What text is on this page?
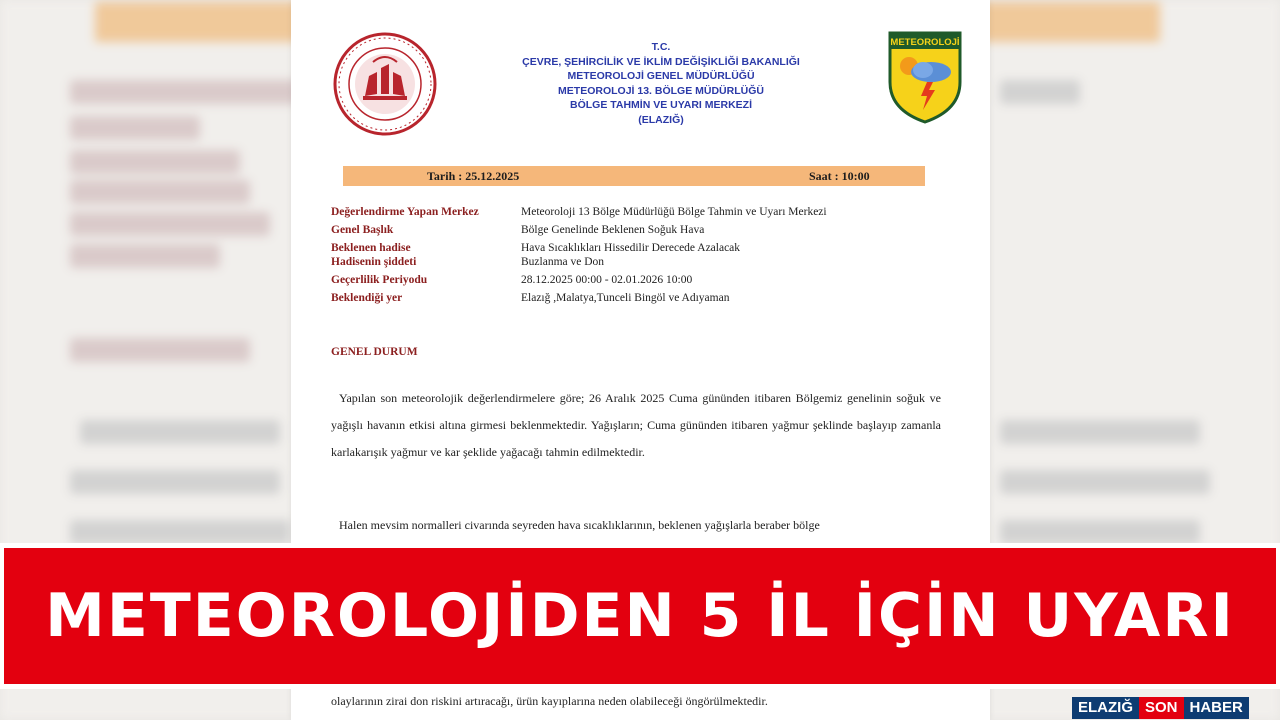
T.C.
ÇEVRE, ŞEHİRCİLİK VE İKLİM DEĞİŞİKLİĞİ BAKANLIĞI
METEOROLOJİ GENEL MÜDÜRLÜĞÜ
METEOROLOJİ 13. BÖLGE MÜDÜRLÜĞÜ
BÖLGE TAHMİN VE UYARI MERKEZİ
(ELAZIĞ)
METEOROLOJİ
Tarih : 25.12.2025	Saat : 10:00
Değerlendirme Yapan Merkez	Meteoroloji 13 Bölge Müdürlüğü Bölge Tahmin ve Uyarı Merkezi
Genel Başlık	Bölge Genelinde Beklenen Soğuk Hava
Beklenen hadise	Hava Sıcaklıkları Hissedilir Derecede Azalacak
Hadisenin şiddeti	Buzlanma ve Don
Geçerlilik Periyodu	28.12.2025 00:00 - 02.01.2026 10:00
Beklendiği yer	Elazığ ,Malatya,Tunceli Bingöl ve Adıyaman
GENEL DURUM

Yapılan son meteorolojik değerlendirmelere göre; 26 Aralık 2025 Cuma gününden itibaren Bölgemiz genelinin soğuk ve yağışlı havanın etkisi altına girmesi beklenmektedir. Yağışların; Cuma gününden itibaren yağmur şeklinde başlayıp zamanla karlakarışık yağmur ve kar şeklide yağacağı tahmin edilmektedir.

Halen mevsim normalleri civarında seyreden hava sıcaklıklarının, beklenen yağışlarla beraber bölge

olaylarının zirai don riskini artıracağı, ürün kayıplarına neden olabileceği öngörülmektedir.

METEOROLOJİDEN 5 İL İÇİN UYARI
ELAZIĞ SON HABER
